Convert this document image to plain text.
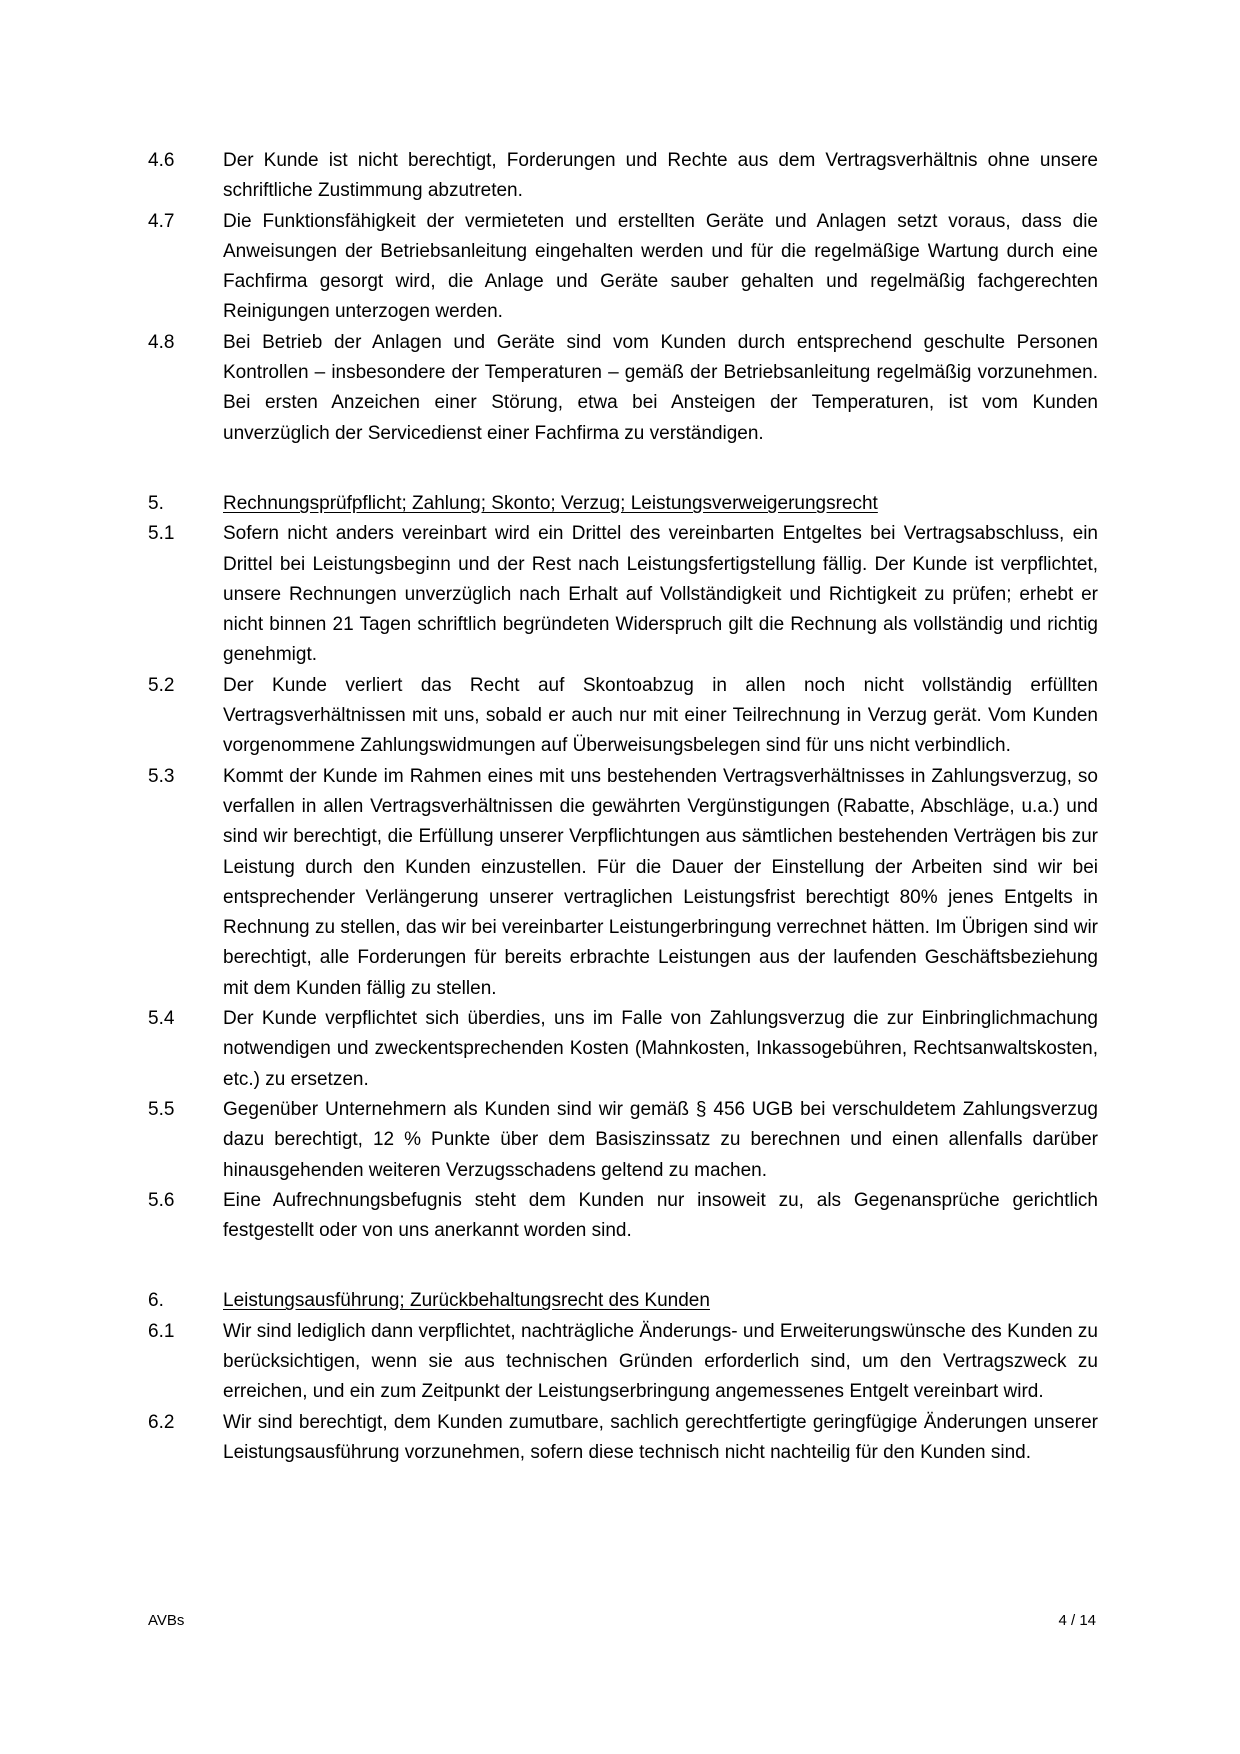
4.6	Der Kunde ist nicht berechtigt, Forderungen und Rechte aus dem Vertragsverhältnis ohne unsere schriftliche Zustimmung abzutreten.
4.7	Die Funktionsfähigkeit der vermieteten und erstellten Geräte und Anlagen setzt voraus, dass die Anweisungen der Betriebsanleitung eingehalten werden und für die regelmäßige Wartung durch eine Fachfirma gesorgt wird, die Anlage und Geräte sauber gehalten und regelmäßig fachgerechten Reinigungen unterzogen werden.
4.8	Bei Betrieb der Anlagen und Geräte sind vom Kunden durch entsprechend geschulte Personen Kontrollen – insbesondere der Temperaturen – gemäß der Betriebsanleitung regelmäßig vorzunehmen. Bei ersten Anzeichen einer Störung, etwa bei Ansteigen der Temperaturen, ist vom Kunden unverzüglich der Servicedienst einer Fachfirma zu verständigen.
5.	Rechnungsprüfpflicht; Zahlung; Skonto; Verzug; Leistungsverweigerungsrecht
5.1	Sofern nicht anders vereinbart wird ein Drittel des vereinbarten Entgeltes bei Vertragsabschluss, ein Drittel bei Leistungsbeginn und der Rest nach Leistungsfertigstellung fällig. Der Kunde ist verpflichtet, unsere Rechnungen unverzüglich nach Erhalt auf Vollständigkeit und Richtigkeit zu prüfen; erhebt er nicht binnen 21 Tagen schriftlich begründeten Widerspruch gilt die Rechnung als vollständig und richtig genehmigt.
5.2	Der Kunde verliert das Recht auf Skontoabzug in allen noch nicht vollständig erfüllten Vertragsverhältnissen mit uns, sobald er auch nur mit einer Teilrechnung in Verzug gerät. Vom Kunden vorgenommene Zahlungswidmungen auf Überweisungsbelegen sind für uns nicht verbindlich.
5.3	Kommt der Kunde im Rahmen eines mit uns bestehenden Vertragsverhältnisses in Zahlungsverzug, so verfallen in allen Vertragsverhältnissen die gewährten Vergünstigungen (Rabatte, Abschläge, u.a.) und sind wir berechtigt, die Erfüllung unserer Verpflichtungen aus sämtlichen bestehenden Verträgen bis zur Leistung durch den Kunden einzustellen. Für die Dauer der Einstellung der Arbeiten sind wir bei entsprechender Verlängerung unserer vertraglichen Leistungsfrist berechtigt 80% jenes Entgelts in Rechnung zu stellen, das wir bei vereinbarter Leistungerbringung verrechnet hätten. Im Übrigen sind wir berechtigt, alle Forderungen für bereits erbrachte Leistungen aus der laufenden Geschäftsbeziehung mit dem Kunden fällig zu stellen.
5.4	Der Kunde verpflichtet sich überdies, uns im Falle von Zahlungsverzug die zur Einbringlichmachung notwendigen und zweckentsprechenden Kosten (Mahnkosten, Inkassogebühren, Rechtsanwaltskosten, etc.) zu ersetzen.
5.5	Gegenüber Unternehmern als Kunden sind wir gemäß § 456 UGB bei verschuldetem Zahlungsverzug dazu berechtigt, 12 % Punkte über dem Basiszinssatz zu berechnen und einen allenfalls darüber hinausgehenden weiteren Verzugsschadens geltend zu machen.
5.6	Eine Aufrechnungsbefugnis steht dem Kunden nur insoweit zu, als Gegenansprüche gerichtlich festgestellt oder von uns anerkannt worden sind.
6.	Leistungsausführung; Zurückbehaltungsrecht des Kunden
6.1	Wir sind lediglich dann verpflichtet, nachträgliche Änderungs- und Erweiterungswünsche des Kunden zu berücksichtigen, wenn sie aus technischen Gründen erforderlich sind, um den Vertragszweck zu erreichen, und ein zum Zeitpunkt der Leistungserbringung angemessenes Entgelt vereinbart wird.
6.2	Wir sind berechtigt, dem Kunden zumutbare, sachlich gerechtfertigte geringfügige Änderungen unserer Leistungsausführung vorzunehmen, sofern diese technisch nicht nachteilig für den Kunden sind.
AVBs	4 / 14
